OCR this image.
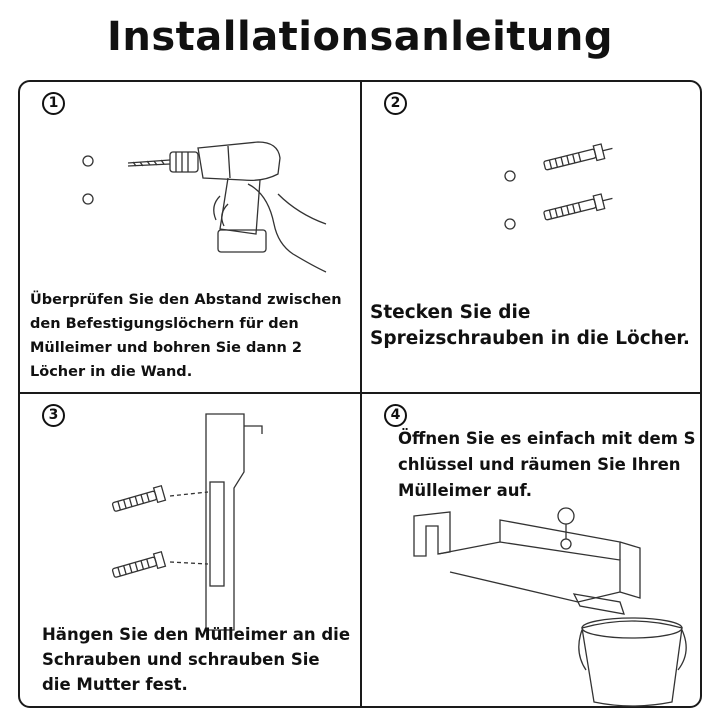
Installationsanleitung
1
Überprüfen Sie den Abstand zwischen den Befestigungslöchern für den Mülleimer und bohren Sie dann 2 Löcher in die Wand.
2
Stecken Sie die Spreizschrauben in die Löcher.
3
Hängen Sie den Mülleimer an die Schrauben und schrauben Sie die Mutter fest.
4
Öffnen Sie es einfach mit dem S chlüssel und räumen Sie Ihren Mülleimer auf.
